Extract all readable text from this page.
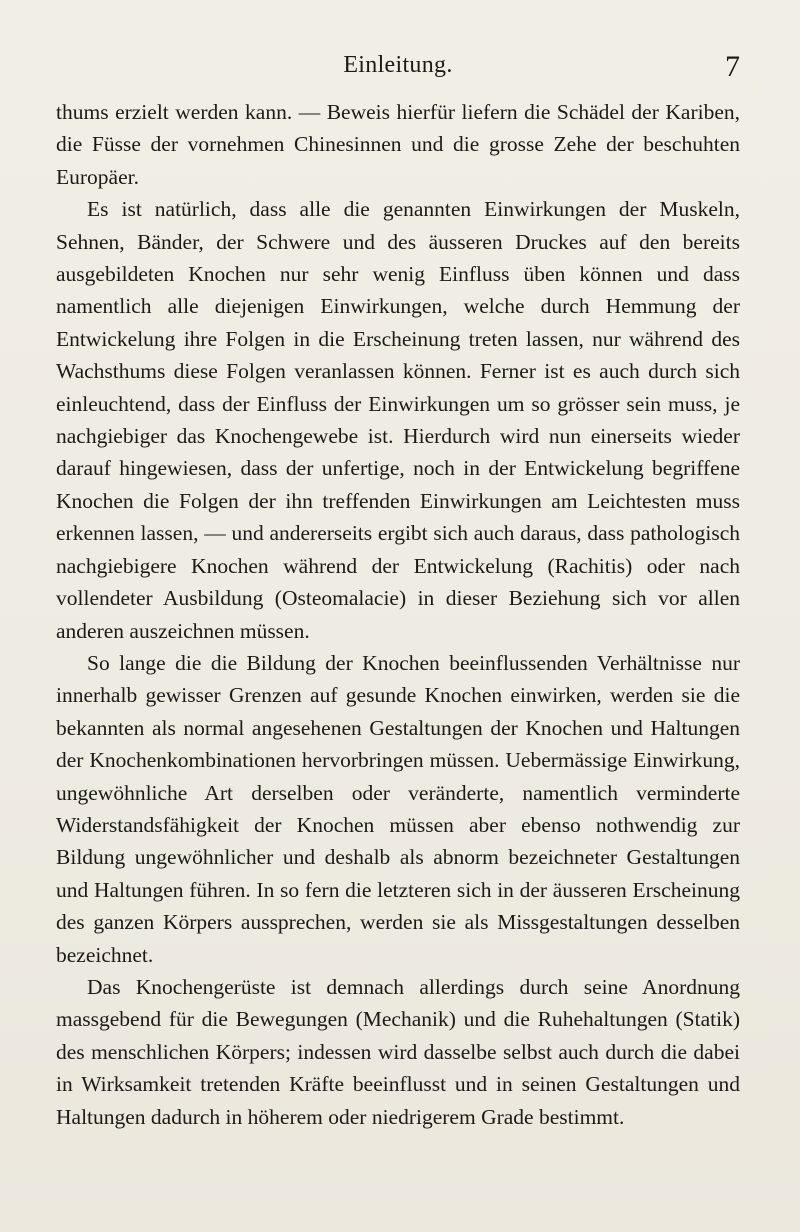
Einleitung.	7

thums erzielt werden kann. — Beweis hierfür liefern die Schädel der Kariben, die Füsse der vornehmen Chinesinnen und die grosse Zehe der beschuhten Europäer.

Es ist natürlich, dass alle die genannten Einwirkungen der Muskeln, Sehnen, Bänder, der Schwere und des äusseren Druckes auf den bereits ausgebildeten Knochen nur sehr wenig Einfluss üben können und dass namentlich alle diejenigen Einwirkungen, welche durch Hemmung der Entwickelung ihre Folgen in die Erscheinung treten lassen, nur während des Wachsthums diese Folgen veranlassen können. Ferner ist es auch durch sich einleuchtend, dass der Einfluss der Einwirkungen um so grösser sein muss, je nachgiebiger das Knochengewebe ist. Hierdurch wird nun einerseits wieder darauf hingewiesen, dass der unfertige, noch in der Entwickelung begriffene Knochen die Folgen der ihn treffenden Einwirkungen am Leichtesten muss erkennen lassen, — und andererseits ergibt sich auch daraus, dass pathologisch nachgiebigere Knochen während der Entwickelung (Rachitis) oder nach vollendeter Ausbildung (Osteomalacie) in dieser Beziehung sich vor allen anderen auszeichnen müssen.

So lange die die Bildung der Knochen beeinflussenden Verhältnisse nur innerhalb gewisser Grenzen auf gesunde Knochen einwirken, werden sie die bekannten als normal angesehenen Gestaltungen der Knochen und Haltungen der Knochenkombinationen hervorbringen müssen. Uebermässige Einwirkung, ungewöhnliche Art derselben oder veränderte, namentlich verminderte Widerstandsfähigkeit der Knochen müssen aber ebenso nothwendig zur Bildung ungewöhnlicher und deshalb als abnorm bezeichneter Gestaltungen und Haltungen führen. In so fern die letzteren sich in der äusseren Erscheinung des ganzen Körpers aussprechen, werden sie als Missgestaltungen desselben bezeichnet.

Das Knochengerüste ist demnach allerdings durch seine Anordnung massgebend für die Bewegungen (Mechanik) und die Ruhehaltungen (Statik) des menschlichen Körpers; indessen wird dasselbe selbst auch durch die dabei in Wirksamkeit tretenden Kräfte beeinflusst und in seinen Gestaltungen und Haltungen dadurch in höherem oder niedrigerem Grade bestimmt.
